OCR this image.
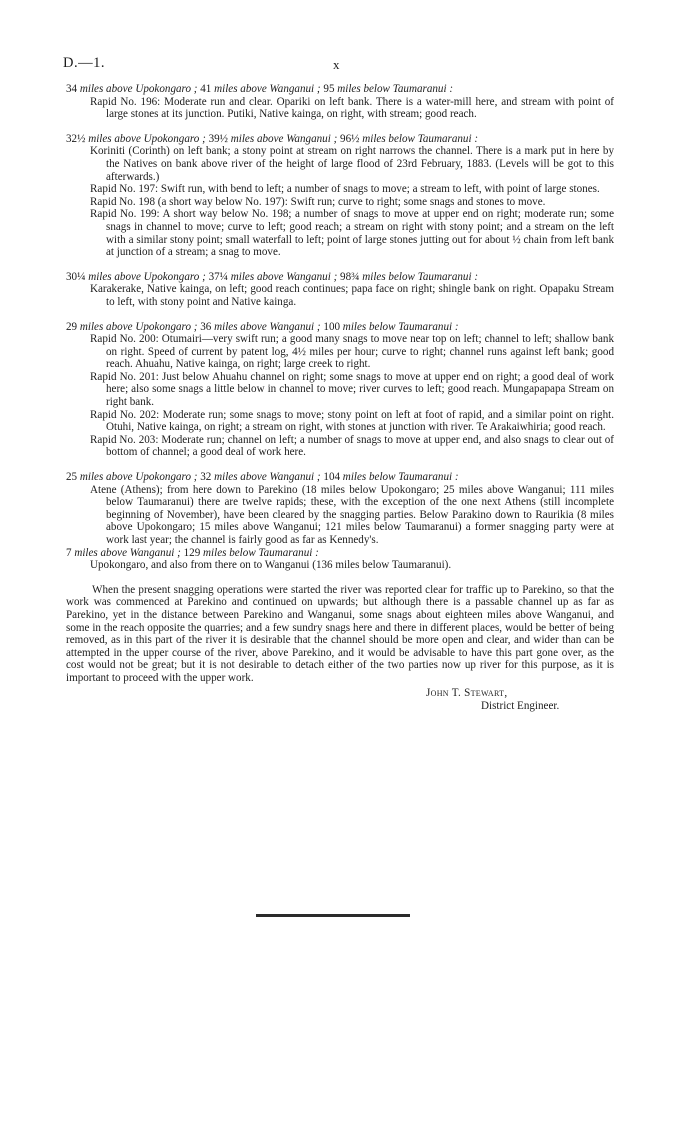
D.—1.	x
34 miles above Upokongaro ; 41 miles above Wanganui ; 95 miles below Taumaranui :
Rapid No. 196: Moderate run and clear. Opariki on left bank. There is a water-mill here, and stream with point of large stones at its junction. Putiki, Native kainga, on right, with stream; good reach.
32½ miles above Upokongaro ; 39½ miles above Wanganui ; 96½ miles below Taumaranui :
Koriniti (Corinth) on left bank; a stony point at stream on right narrows the channel. There is a mark put in here by the Natives on bank above river of the height of large flood of 23rd February, 1883. (Levels will be got to this afterwards.)
Rapid No. 197: Swift run, with bend to left; a number of snags to move; a stream to left, with point of large stones.
Rapid No. 198 (a short way below No. 197): Swift run; curve to right; some snags and stones to move.
Rapid No. 199: A short way below No. 198; a number of snags to move at upper end on right; moderate run; some snags in channel to move; curve to left; good reach; a stream on right with stony point; and a stream on the left with a similar stony point; small waterfall to left; point of large stones jutting out for about ½ chain from left bank at junction of a stream; a snag to move.
30¼ miles above Upokongaro ; 37¼ miles above Wanganui ; 98¾ miles below Taumaranui :
Karakerake, Native kainga, on left; good reach continues; papa face on right; shingle bank on right. Opapaku Stream to left, with stony point and Native kainga.
29 miles above Upokongaro ; 36 miles above Wanganui ; 100 miles below Taumaranui :
Rapid No. 200: Otumairi—very swift run; a good many snags to move near top on left; channel to left; shallow bank on right. Speed of current by patent log, 4½ miles per hour; curve to right; channel runs against left bank; good reach. Ahuahu, Native kainga, on right; large creek to right.
Rapid No. 201: Just below Ahuahu channel on right; some snags to move at upper end on right; a good deal of work here; also some snags a little below in channel to move; river curves to left; good reach. Mungapapapa Stream on right bank.
Rapid No. 202: Moderate run; some snags to move; stony point on left at foot of rapid, and a similar point on right. Otuhi, Native kainga, on right; a stream on right, with stones at junction with river. Te Arakaiwhiria; good reach.
Rapid No. 203: Moderate run; channel on left; a number of snags to move at upper end, and also snags to clear out of bottom of channel; a good deal of work here.
25 miles above Upokongaro ; 32 miles above Wanganui ; 104 miles below Taumaranui :
Atene (Athens); from here down to Parekino (18 miles below Upokongaro; 25 miles above Wanganui; 111 miles below Taumaranui) there are twelve rapids; these, with the exception of the one next Athens (still incomplete beginning of November), have been cleared by the snagging parties. Below Parakino down to Raurikia (8 miles above Upokongaro; 15 miles above Wanganui; 121 miles below Taumaranui) a former snagging party were at work last year; the channel is fairly good as far as Kennedy's.
7 miles above Wanganui ; 129 miles below Taumaranui :
Upokongaro, and also from there on to Wanganui (136 miles below Taumaranui).
When the present snagging operations were started the river was reported clear for traffic up to Parekino, so that the work was commenced at Parekino and continued on upwards; but although there is a passable channel up as far as Parekino, yet in the distance between Parekino and Wanganui, some snags about eighteen miles above Wanganui, and some in the reach opposite the quarries; and a few sundry snags here and there in different places, would be better of being removed, as in this part of the river it is desirable that the channel should be more open and clear, and wider than can be attempted in the upper course of the river, above Parekino, and it would be advisable to have this part gone over, as the cost would not be great; but it is not desirable to detach either of the two parties now up river for this purpose, as it is important to proceed with the upper work.
John T. Stewart,
District Engineer.
